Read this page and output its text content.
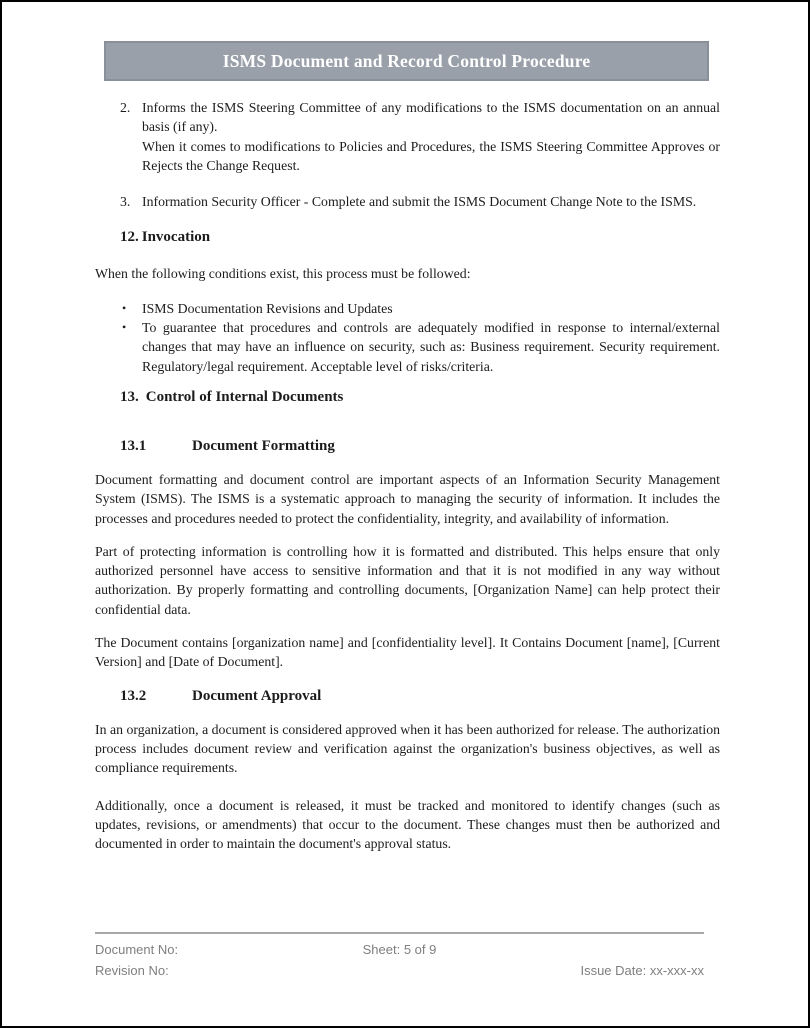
ISMS Document and Record Control Procedure
2. Informs the ISMS Steering Committee of any modifications to the ISMS documentation on an annual basis (if any).
When it comes to modifications to Policies and Procedures, the ISMS Steering Committee Approves or Rejects the Change Request.
3. Information Security Officer - Complete and submit the ISMS Document Change Note to the ISMS.
12. Invocation
When the following conditions exist, this process must be followed:
• ISMS Documentation Revisions and Updates
• To guarantee that procedures and controls are adequately modified in response to internal/external changes that may have an influence on security, such as: Business requirement. Security requirement. Regulatory/legal requirement. Acceptable level of risks/criteria.
13. Control of Internal Documents
13.1	Document Formatting
Document formatting and document control are important aspects of an Information Security Management System (ISMS). The ISMS is a systematic approach to managing the security of information. It includes the processes and procedures needed to protect the confidentiality, integrity, and availability of information.
Part of protecting information is controlling how it is formatted and distributed. This helps ensure that only authorized personnel have access to sensitive information and that it is not modified in any way without authorization. By properly formatting and controlling documents, [Organization Name] can help protect their confidential data.
The Document contains [organization name] and [confidentiality level]. It Contains Document [name], [Current Version] and [Date of Document].
13.2	Document Approval
In an organization, a document is considered approved when it has been authorized for release. The authorization process includes document review and verification against the organization's business objectives, as well as compliance requirements.
Additionally, once a document is released, it must be tracked and monitored to identify changes (such as updates, revisions, or amendments) that occur to the document. These changes must then be authorized and documented in order to maintain the document's approval status.
Document No:	Sheet: 5 of 9
Revision No:	Issue Date: xx-xxx-xx
